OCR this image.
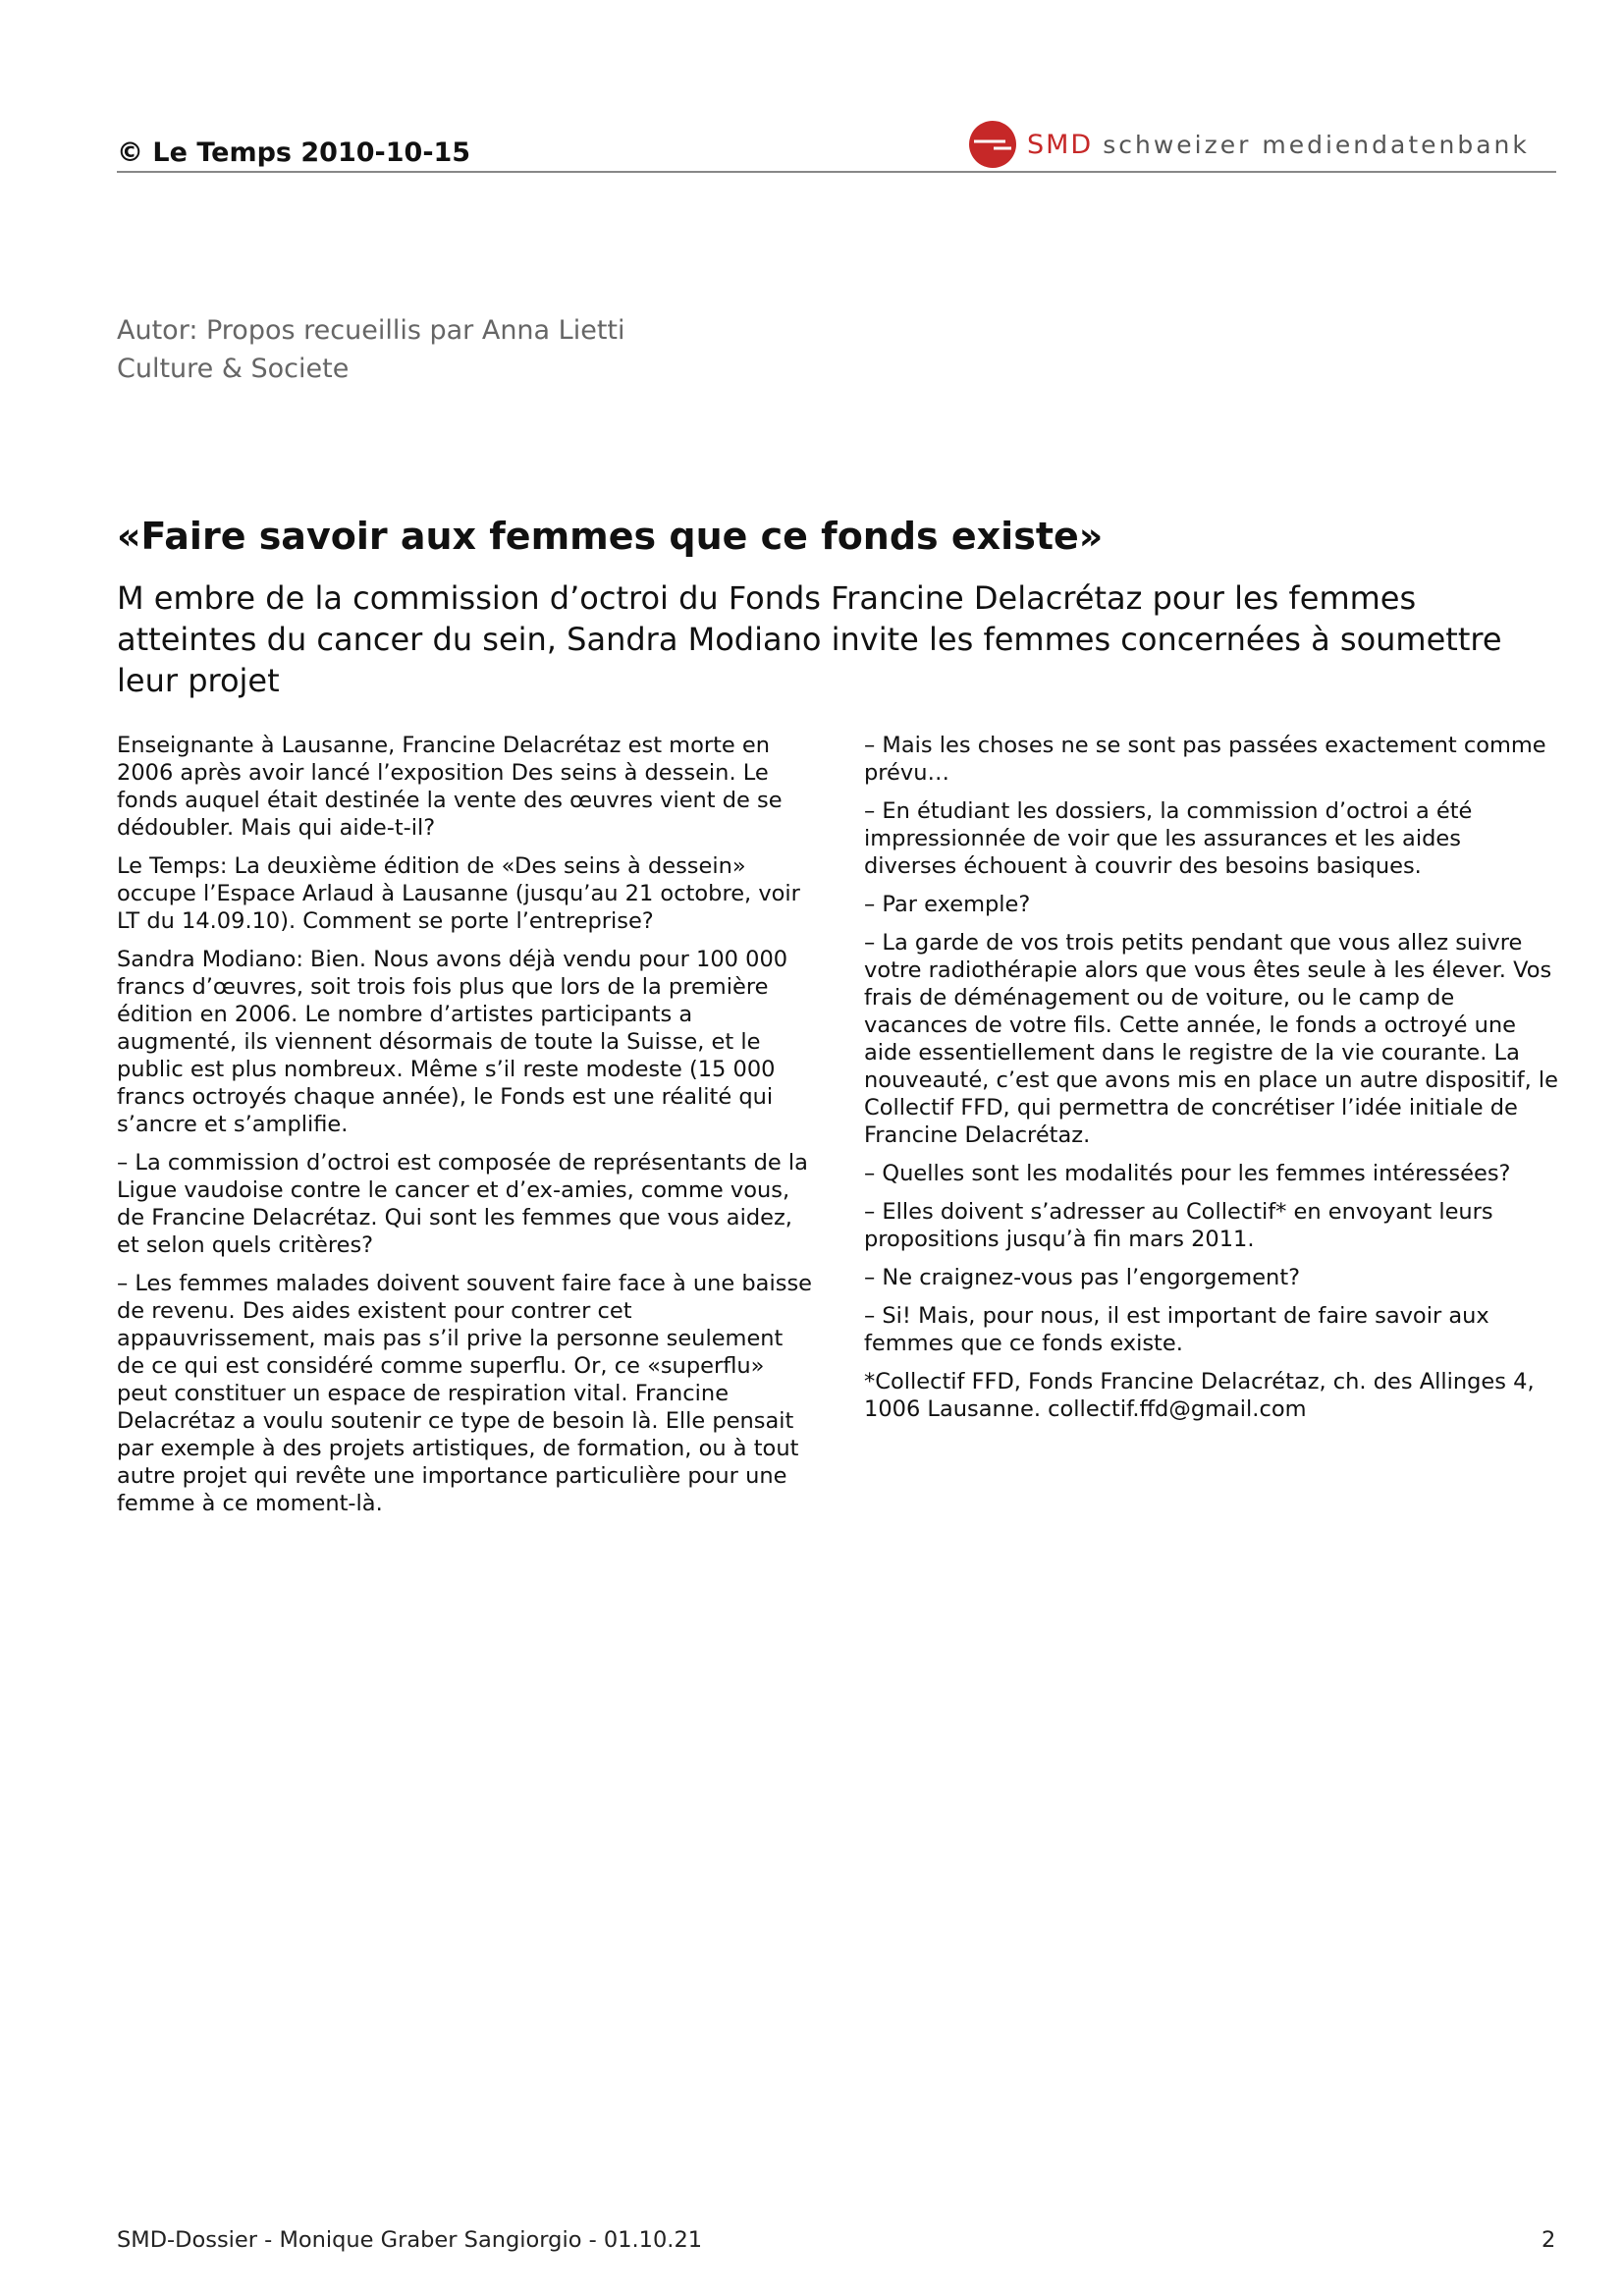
© Le Temps 2010-10-15	SMD schweizer mediendatenbank
Autor: Propos recueillis par Anna Lietti
Culture & Societe
«Faire savoir aux femmes que ce fonds existe»

M embre de la commission d’octroi du Fonds Francine Delacrétaz pour les femmes atteintes du cancer du sein, Sandra Modiano invite les femmes concernées à soumettre leur projet

Enseignante à Lausanne, Francine Delacrétaz est morte en 2006 après avoir lancé l’exposition Des seins à dessein. Le fonds auquel était destinée la vente des œuvres vient de se dédoubler. Mais qui aide-t-il?

Le Temps: La deuxième édition de «Des seins à dessein» occupe l’Espace Arlaud à Lausanne (jusqu’au 21 octobre, voir LT du 14.09.10). Comment se porte l’entreprise?

Sandra Modiano: Bien. Nous avons déjà vendu pour 100 000 francs d’œuvres, soit trois fois plus que lors de la première édition en 2006. Le nombre d’artistes participants a augmenté, ils viennent désormais de toute la Suisse, et le public est plus nombreux. Même s’il reste modeste (15 000 francs octroyés chaque année), le Fonds est une réalité qui s’ancre et s’amplifie.

– La commission d’octroi est composée de représentants de la Ligue vaudoise contre le cancer et d’ex-amies, comme vous, de Francine Delacrétaz. Qui sont les femmes que vous aidez, et selon quels critères?

– Les femmes malades doivent souvent faire face à une baisse de revenu. Des aides existent pour contrer cet appauvrissement, mais pas s’il prive la personne seulement de ce qui est considéré comme superflu. Or, ce «superflu» peut constituer un espace de respiration vital. Francine Delacrétaz a voulu soutenir ce type de besoin là. Elle pensait par exemple à des projets artistiques, de formation, ou à tout autre projet qui revête une importance particulière pour une femme à ce moment-là.

– Mais les choses ne se sont pas passées exactement comme prévu…

– En étudiant les dossiers, la commission d’octroi a été impressionnée de voir que les assurances et les aides diverses échouent à couvrir des besoins basiques.

– Par exemple?

– La garde de vos trois petits pendant que vous allez suivre votre radiothérapie alors que vous êtes seule à les élever. Vos frais de déménagement ou de voiture, ou le camp de vacances de votre fils. Cette année, le fonds a octroyé une aide essentiellement dans le registre de la vie courante. La nouveauté, c’est que avons mis en place un autre dispositif, le Collectif FFD, qui permettra de concrétiser l’idée initiale de Francine Delacrétaz.

– Quelles sont les modalités pour les femmes intéressées?

– Elles doivent s’adresser au Collectif* en envoyant leurs propositions jusqu’à fin mars 2011.

– Ne craignez-vous pas l’engorgement?

– Si! Mais, pour nous, il est important de faire savoir aux femmes que ce fonds existe.

*Collectif FFD, Fonds Francine Delacrétaz, ch. des Allinges 4, 1006 Lausanne. collectif.ffd@gmail.com

SMD-Dossier - Monique Graber Sangiorgio - 01.10.21	2
